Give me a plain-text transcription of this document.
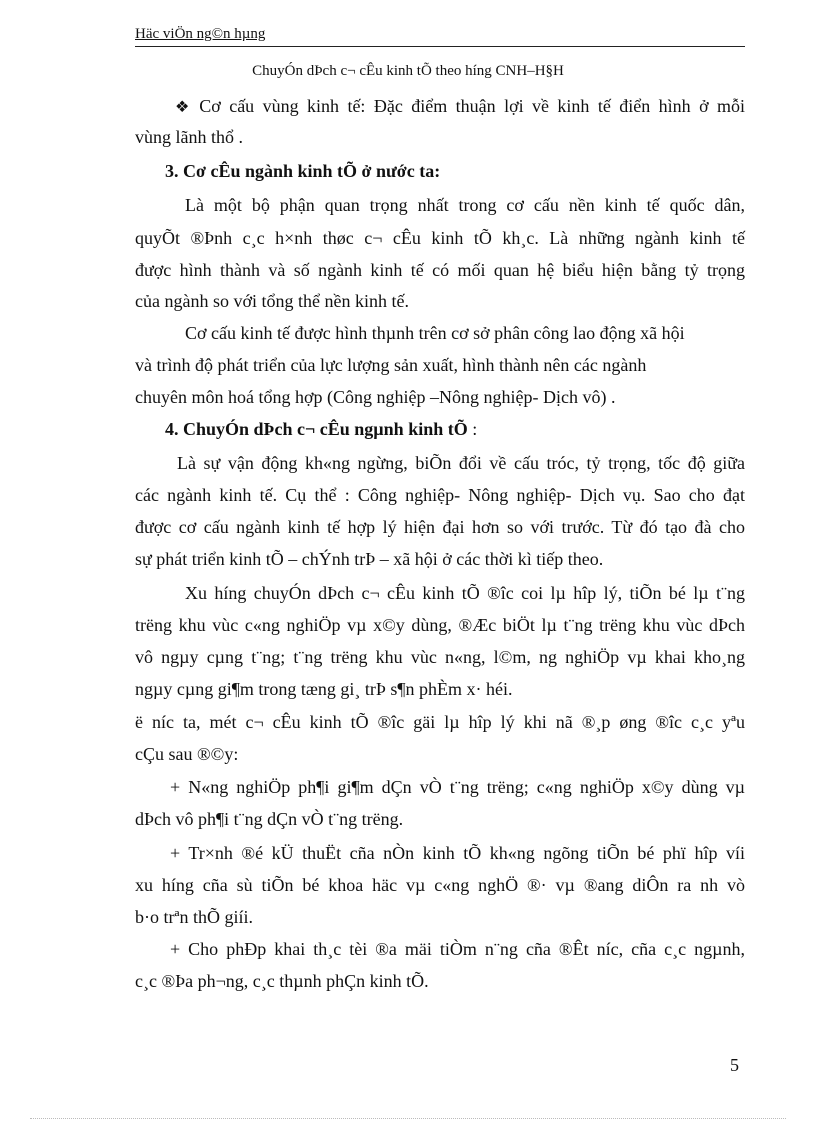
Häc viÖn ng©n hµng
ChuyÓn dÞch c¬ cÊu kinh tÕ theo híng CNH–H§H
❖ Cơ cấu vùng kinh tế: Đặc điểm thuận lợi về kinh tế điển hình ở mỗi
vùng lãnh thổ .
3. Cơ cÊu ngành kinh tÕ ở nước ta:
Là một bộ phận quan trọng nhất trong cơ cấu nền kinh tế quốc dân,
quyÕt ®Þnh c¸c h×nh thøc c¬ cÊu kinh tÕ kh¸c. Là những ngành kinh tế
được hình thành và số ngành kinh tế có mối quan hệ biểu hiện bằng tỷ trọng
của ngành so với tổng thể nền kinh tế.
Cơ cấu kinh tế được hình thµnh trên cơ sở phân công lao động xã hội
và trình độ phát triển của lực lượng sản xuất, hình thành nên các ngành
chuyên môn hoá tổng hợp (Công nghiệp –Nông nghiệp- Dịch vô) .
4. ChuyÓn dÞch c¬ cÊu ngµnh kinh tÕ :
Là sự vận động kh«ng ngừng, biÕn đổi về cấu tróc, tỷ trọng, tốc độ giữa
các ngành kinh tế. Cụ thể : Công nghiệp- Nông nghiệp- Dịch vụ. Sao cho đạt
được cơ cấu ngành kinh tế hợp lý hiện đại hơn so với trước. Từ đó tạo đà cho
sự phát triển kinh tÕ – chÝnh trÞ – xã hội ở các thời kì tiếp theo.
Xu híng chuyÓn dÞch c¬ cÊu kinh tÕ ®îc coi lµ hîp lý, tiÕn bé lµ t¨ng
trëng khu vùc c«ng nghiÖp vµ x©y dùng, ®Æc biÖt lµ t¨ng trëng khu vùc dÞch
vô ngµy cµng t¨ng; t¨ng trëng khu vùc n«ng, l©m, ng nghiÖp vµ khai kho¸ng
ngµy cµng gi¶m trong tæng gi¸ trÞ s¶n phÈm x· héi.
ë níc ta, mét c¬ cÊu kinh tÕ ®îc gäi lµ hîp lý khi nã ®¸p øng ®îc c¸c yªu
cÇu sau ®©y:
+ N«ng nghiÖp ph¶i gi¶m dÇn vÒ t¨ng trëng; c«ng nghiÖp x©y dùng vµ
dÞch vô ph¶i t¨ng dÇn vÒ t¨ng trëng.
+ Tr×nh ®é kÜ thuËt cña nÒn kinh tÕ kh«ng ngõng tiÕn bé phï hîp víi
xu híng cña sù tiÕn bé khoa häc vµ c«ng nghÖ ®· vµ ®ang diÔn ra nh vò
b·o trªn thÕ giíi.
+ Cho phÐp khai th¸c tèi ®a mäi tiÒm n¨ng cña ®Êt níc, cña c¸c ngµnh,
c¸c ®Þa ph¬ng, c¸c thµnh phÇn kinh tÕ.
5
